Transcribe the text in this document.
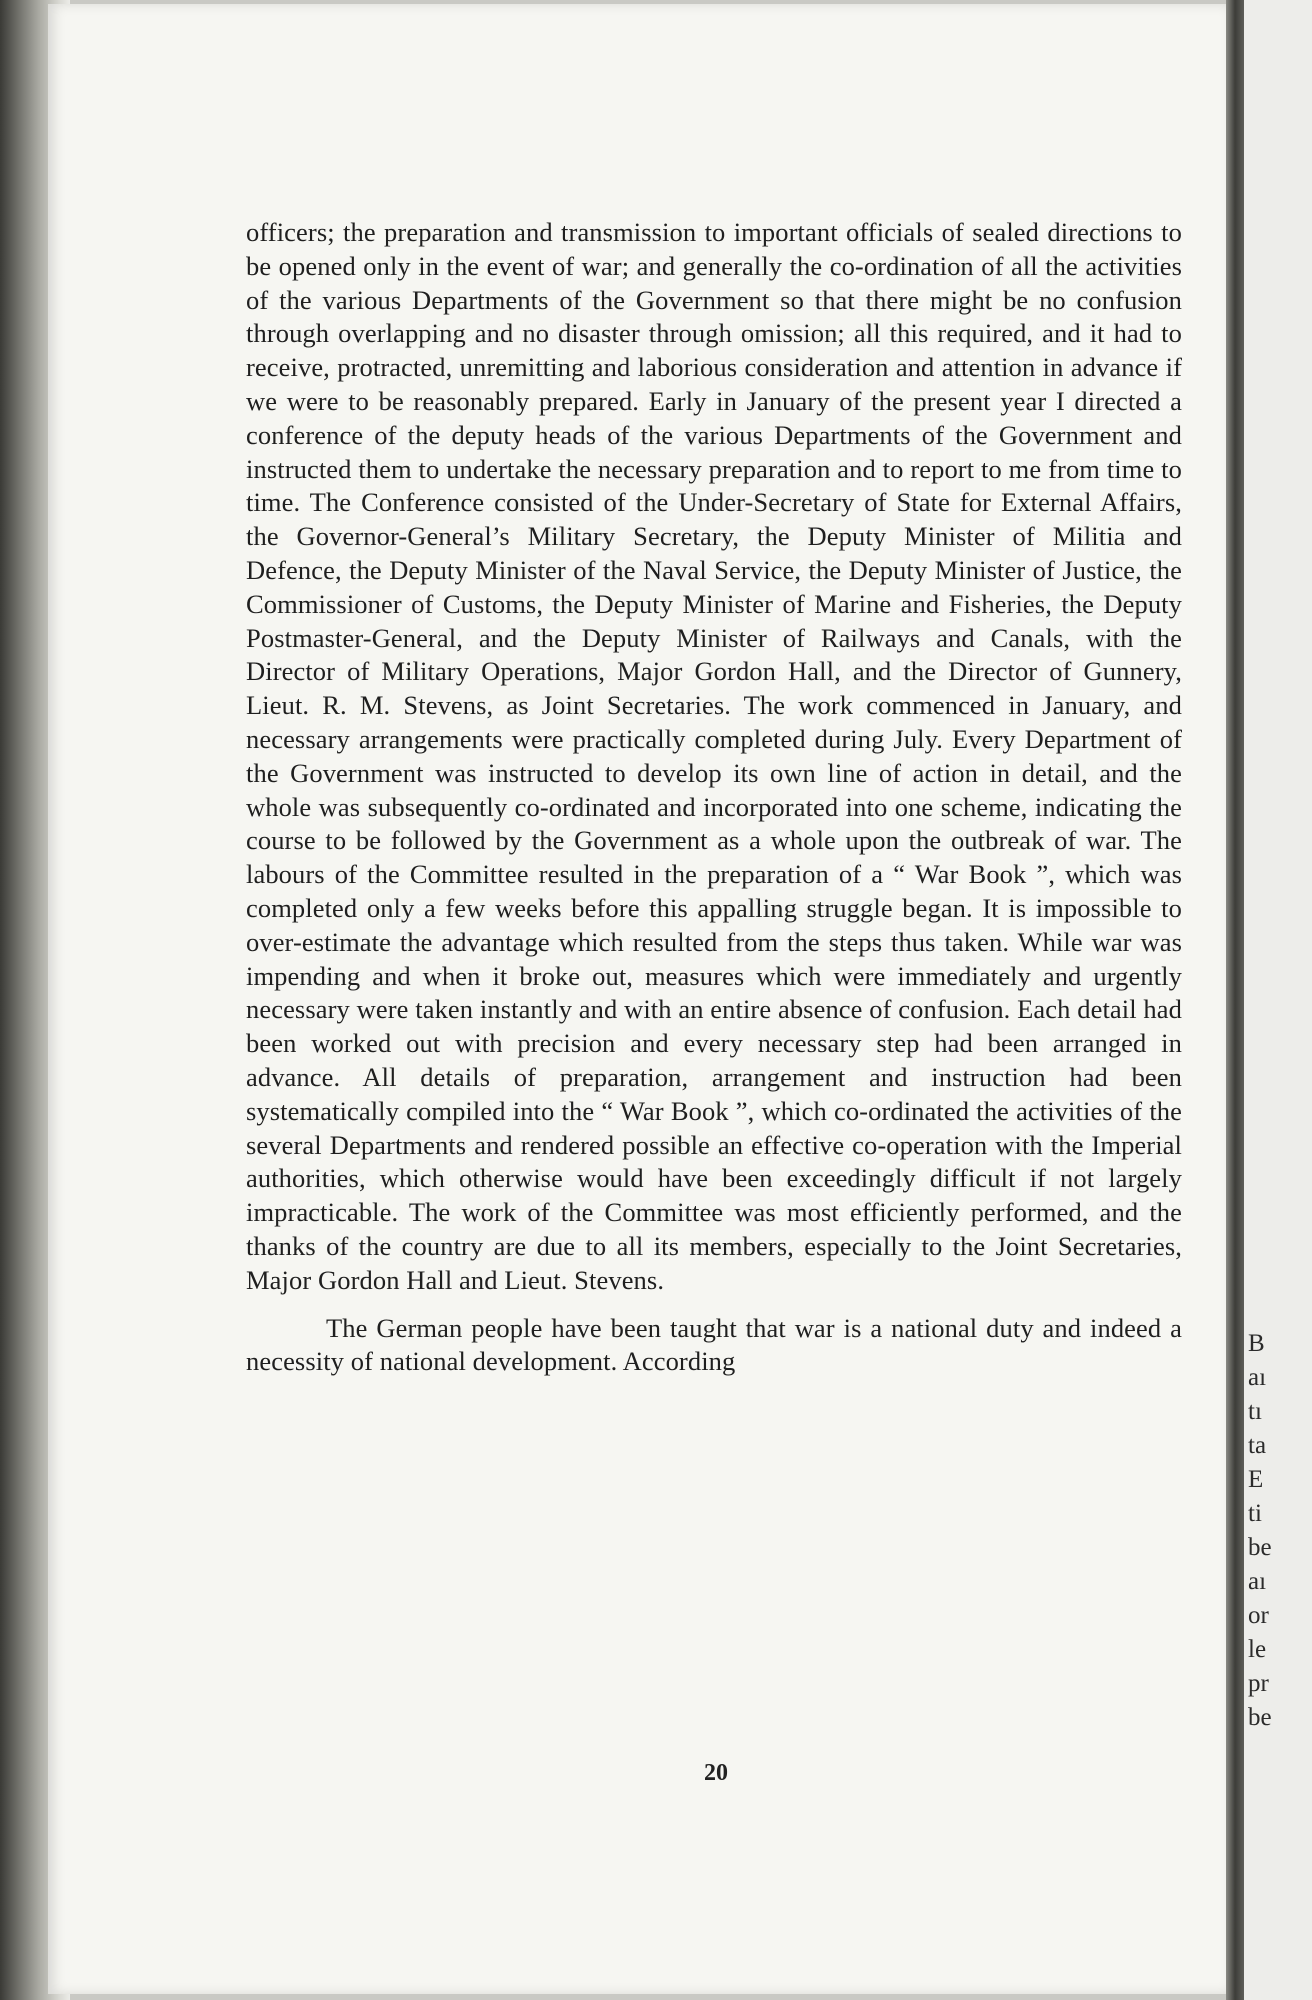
B
aı
tı
ta
E
ti
be
aı
or
le
pr
be

officers; the preparation and transmission to important officials of sealed directions to be opened only in the event of war; and generally the co-ordination of all the activities of the various Departments of the Government so that there might be no confusion through overlapping and no disaster through omission; all this required, and it had to receive, protracted, unremitting and laborious consideration and attention in advance if we were to be reasonably prepared. Early in January of the present year I directed a conference of the deputy heads of the various Departments of the Government and instructed them to undertake the necessary preparation and to report to me from time to time. The Conference consisted of the Under-Secretary of State for External Affairs, the Governor-General’s Military Secretary, the Deputy Minister of Militia and Defence, the Deputy Minister of the Naval Service, the Deputy Minister of Justice, the Commissioner of Customs, the Deputy Minister of Marine and Fisheries, the Deputy Postmaster-General, and the Deputy Minister of Railways and Canals, with the Director of Military Operations, Major Gordon Hall, and the Director of Gunnery, Lieut. R. M. Stevens, as Joint Secretaries. The work commenced in January, and necessary arrangements were practically completed during July. Every Department of the Government was instructed to develop its own line of action in detail, and the whole was subsequently co-ordinated and incorporated into one scheme, indicating the course to be followed by the Government as a whole upon the outbreak of war. The labours of the Committee resulted in the preparation of a “ War Book ”, which was completed only a few weeks before this appalling struggle began. It is impossible to over-estimate the advantage which resulted from the steps thus taken. While war was impending and when it broke out, measures which were immediately and urgently necessary were taken instantly and with an entire absence of confusion. Each detail had been worked out with precision and every necessary step had been arranged in advance. All details of preparation, arrangement and instruction had been systematically compiled into the “ War Book ”, which co-ordinated the activities of the several Departments and rendered possible an effective co-operation with the Imperial authorities, which otherwise would have been exceedingly difficult if not largely impracticable. The work of the Committee was most efficiently performed, and the thanks of the country are due to all its members, especially to the Joint Secretaries, Major Gordon Hall and Lieut. Stevens.

The German people have been taught that war is a national duty and indeed a necessity of national development. According

20
